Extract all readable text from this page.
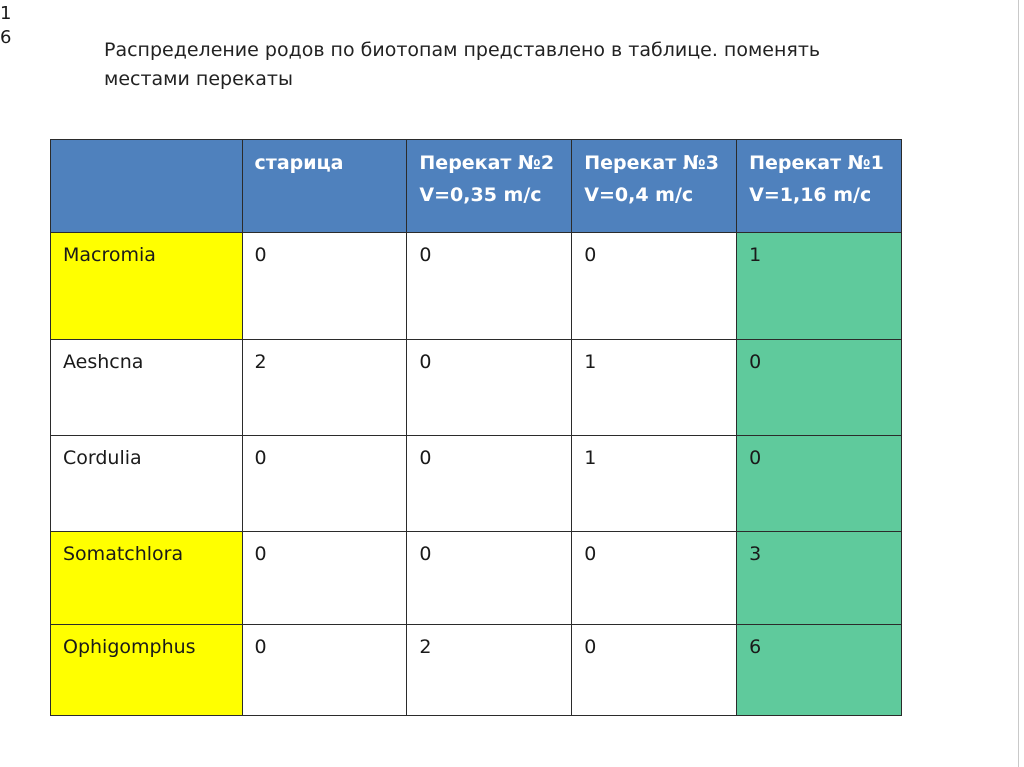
1
6
Распределение родов по биотопам представлено в таблице. поменять местами перекаты
	старица	Перекат №2 V=0,35 m/c	Перекат №3 V=0,4 m/c	Перекат №1 V=1,16 m/c
Macromia	0	0	0	1
Aeshcna	2	0	1	0
Cordulia	0	0	1	0
Somatchlora	0	0	0	3
Ophigomphus	0	2	0	6
